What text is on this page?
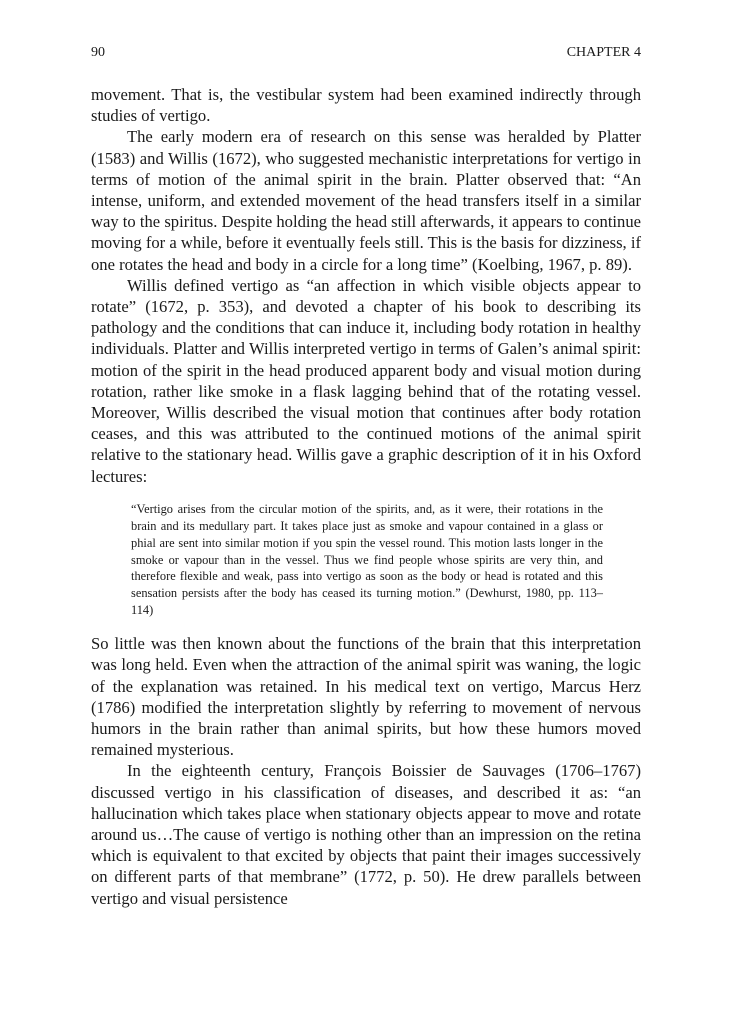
90	CHAPTER 4

movement. That is, the vestibular system had been examined indirectly through studies of vertigo.

The early modern era of research on this sense was heralded by Platter (1583) and Willis (1672), who suggested mechanistic interpretations for vertigo in terms of motion of the animal spirit in the brain. Platter observed that: “An intense, uniform, and extended movement of the head transfers itself in a similar way to the spiritus. Despite holding the head still afterwards, it appears to continue moving for a while, before it eventually feels still. This is the basis for dizziness, if one rotates the head and body in a circle for a long time” (Koelbing, 1967, p. 89).

Willis defined vertigo as “an affection in which visible objects appear to rotate” (1672, p. 353), and devoted a chapter of his book to describing its pathology and the conditions that can induce it, including body rotation in healthy individuals. Platter and Willis interpreted vertigo in terms of Galen’s animal spirit: motion of the spirit in the head produced apparent body and visual motion during rotation, rather like smoke in a flask lagging behind that of the rotating vessel. Moreover, Willis described the visual motion that continues after body rotation ceases, and this was attributed to the continued motions of the animal spirit relative to the stationary head. Willis gave a graphic description of it in his Oxford lectures:

“Vertigo arises from the circular motion of the spirits, and, as it were, their rotations in the brain and its medullary part. It takes place just as smoke and vapour contained in a glass or phial are sent into similar motion if you spin the vessel round. This motion lasts longer in the smoke or vapour than in the vessel. Thus we find people whose spirits are very thin, and therefore flexible and weak, pass into vertigo as soon as the body or head is rotated and this sensation persists after the body has ceased its turning motion.” (Dewhurst, 1980, pp. 113–114)

So little was then known about the functions of the brain that this interpretation was long held. Even when the attraction of the animal spirit was waning, the logic of the explanation was retained. In his medical text on vertigo, Marcus Herz (1786) modified the interpretation slightly by referring to movement of nervous humors in the brain rather than animal spirits, but how these humors moved remained mysterious.

In the eighteenth century, François Boissier de Sauvages (1706–1767) discussed vertigo in his classification of diseases, and described it as: “an hallucination which takes place when stationary objects appear to move and rotate around us…The cause of vertigo is nothing other than an impression on the retina which is equivalent to that excited by objects that paint their images successively on different parts of that membrane” (1772, p. 50). He drew parallels between vertigo and visual persistence
